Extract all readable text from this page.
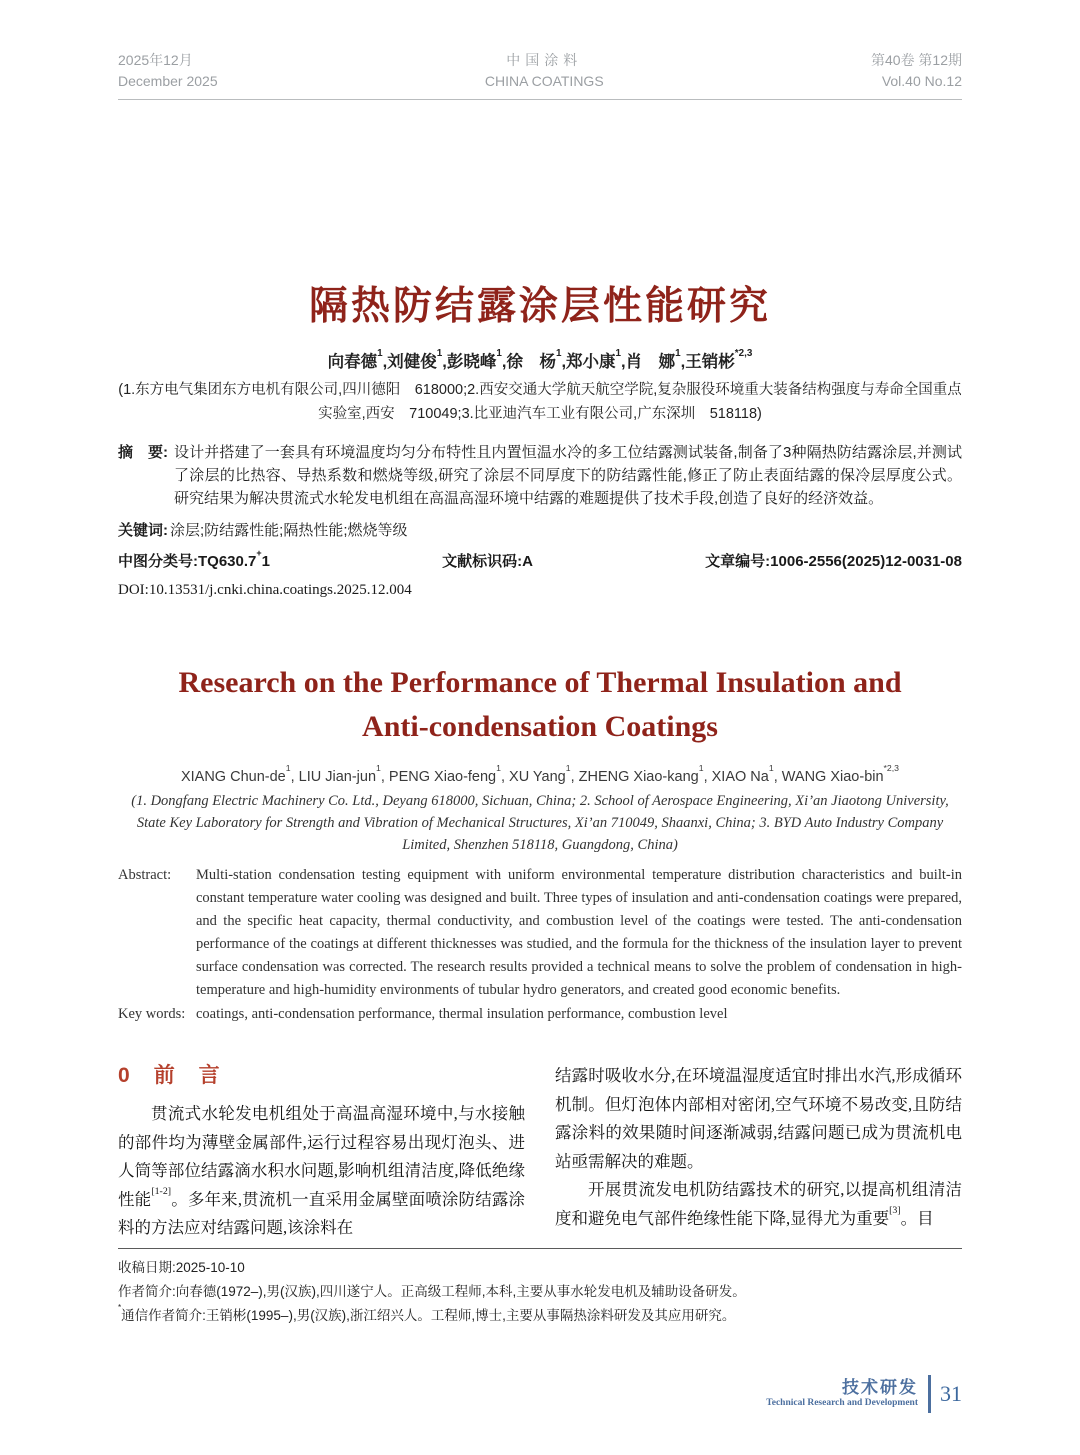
2025年12月
December 2025
中国涂料
CHINA COATINGS
第40卷 第12期
Vol.40 No.12
隔热防结露涂层性能研究
向春德$^1$,刘健俊$^1$,彭晓峰$^1$,徐　杨$^1$,郑小康$^1$,肖　娜$^1$,王销彬$^{*2,3}$
(1.东方电气集团东方电机有限公司,四川德阳　618000;2.西安交通大学航天航空学院,复杂服役环境重大装备结构强度与寿命全国重点实验室,西安　710049;3.比亚迪汽车工业有限公司,广东深圳　518118)
摘　要: 设计并搭建了一套具有环境温度均匀分布特性且内置恒温水冷的多工位结露测试装备,制备了3种隔热防结露涂层,并测试了涂层的比热容、导热系数和燃烧等级,研究了涂层不同厚度下的防结露性能,修正了防止表面结露的保冷层厚度公式。研究结果为解决贯流式水轮发电机组在高温高湿环境中结露的难题提供了技术手段,创造了良好的经济效益。
关键词: 涂层;防结露性能;隔热性能;燃烧等级
中图分类号:TQ630.7+1	文献标识码:A	文章编号:1006-2556(2025)12-0031-08
DOI:10.13531/j.cnki.china.coatings.2025.12.004
Research on the Performance of Thermal Insulation and
Anti-condensation Coatings
XIANG Chun-$de^1$, LIU Jian-jun$^1$, PENG Xiao-feng$^1$, XU Yang$^1$, ZHENG Xiao-kang$^1$, XIAO Na$^1$, WANG Xiao-bin$^{*2,3}$
(1. Dongfang Electric Machinery Co. Ltd., Deyang 618000, Sichuan, China; 2. School of Aerospace Engineering, Xi’an Jiaotong University, State Key Laboratory for Strength and Vibration of Mechanical Structures, Xi’an 710049, Shaanxi, China; 3. BYD Auto Industry Company Limited, Shenzhen 518118, Guangdong, China)
Abstract:	Multi-station condensation testing equipment with uniform environmental temperature distribution characteristics and built-in constant temperature water cooling was designed and built. Three types of insulation and anti-condensation coatings were prepared, and the specific heat capacity, thermal conductivity, and combustion level of the coatings were tested. The anti-condensation performance of the coatings at different thicknesses was studied, and the formula for the thickness of the insulation layer to prevent surface condensation was corrected. The research results provided a technical means to solve the problem of condensation in high-temperature and high-humidity environments of tubular hydro generators, and created good economic benefits.
Key words: coatings, anti-condensation performance, thermal insulation performance, combustion level
0 前言

贯流式水轮发电机组处于高温高湿环境中,与水接触的部件均为薄壁金属部件,运行过程容易出现灯泡头、进人筒等部位结露滴水积水问题,影响机组清洁度,降低绝缘性能[1-2]。多年来,贯流机一直采用金属壁面喷涂防结露涂料的方法应对结露问题,该涂料在

结露时吸收水分,在环境温湿度适宜时排出水汽,形成循环机制。但灯泡体内部相对密闭,空气环境不易改变,且防结露涂料的效果随时间逐渐减弱,结露问题已成为贯流机电站亟需解决的难题。

开展贯流发电机防结露技术的研究,以提高机组清洁度和避免电气部件绝缘性能下降,显得尤为重要[3]。目

收稿日期:2025-10-10
作者简介:向春德(1972–),男(汉族),四川遂宁人。正高级工程师,本科,主要从事水轮发电机及辅助设备研发。
*通信作者简介:王销彬(1995–),男(汉族),浙江绍兴人。工程师,博士,主要从事隔热涂料研发及其应用研究。
技术研发
Technical Research and Development 31
